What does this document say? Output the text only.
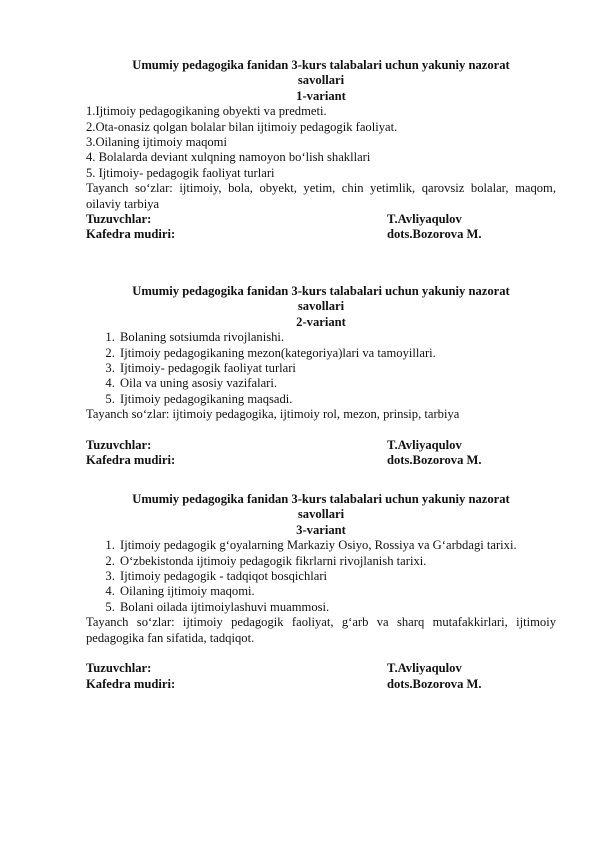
Umumiy pedagogika fanidan 3-kurs talabalari uchun yakuniy nazorat
savollari
1-variant
1.Ijtimoiy pedagogikaning obyekti va predmeti.
2.Ota-onasiz qolgan bolalar bilan ijtimoiy pedagogik faoliyat.
3.Oilaning ijtimoiy maqomi
4. Bolalarda deviant xulqning namoyon bo‘lish shakllari
5. Ijtimoiy- pedagogik faoliyat turlari
Tayanch so‘zlar: ijtimoiy, bola, obyekt, yetim, chin yetimlik, qarovsiz bolalar, maqom, oilaviy tarbiya
Tuzuvchlar:	T.Avliyaqulov
Kafedra mudiri:	dots.Bozorova M.
Umumiy pedagogika fanidan 3-kurs talabalari uchun yakuniy nazorat
savollari
2-variant
1. Bolaning sotsiumda rivojlanishi.
2. Ijtimoiy pedagogikaning mezon(kategoriya)lari va tamoyillari.
3. Ijtimoiy- pedagogik faoliyat turlari
4. Oila va uning asosiy vazifalari.
5. Ijtimoiy pedagogikaning maqsadi.
Tayanch so‘zlar: ijtimoiy pedagogika, ijtimoiy rol, mezon, prinsip, tarbiya
Tuzuvchlar:	T.Avliyaqulov
Kafedra mudiri:	dots.Bozorova M.
Umumiy pedagogika fanidan 3-kurs talabalari uchun yakuniy nazorat
savollari
3-variant
1. Ijtimoiy pedagogik g‘oyalarning Markaziy Osiyo, Rossiya va G‘arbdagi tarixi.
2. O‘zbekistonda ijtimoiy pedagogik fikrlarni rivojlanish tarixi.
3. Ijtimoiy pedagogik - tadqiqot bosqichlari
4. Oilaning ijtimoiy maqomi.
5. Bolani oilada ijtimoiylashuvi muammosi.
Tayanch so‘zlar: ijtimoiy pedagogik faoliyat, g‘arb va sharq mutafakkirlari, ijtimoiy pedagogika fan sifatida, tadqiqot.
Tuzuvchlar:	T.Avliyaqulov
Kafedra mudiri:	dots.Bozorova M.
